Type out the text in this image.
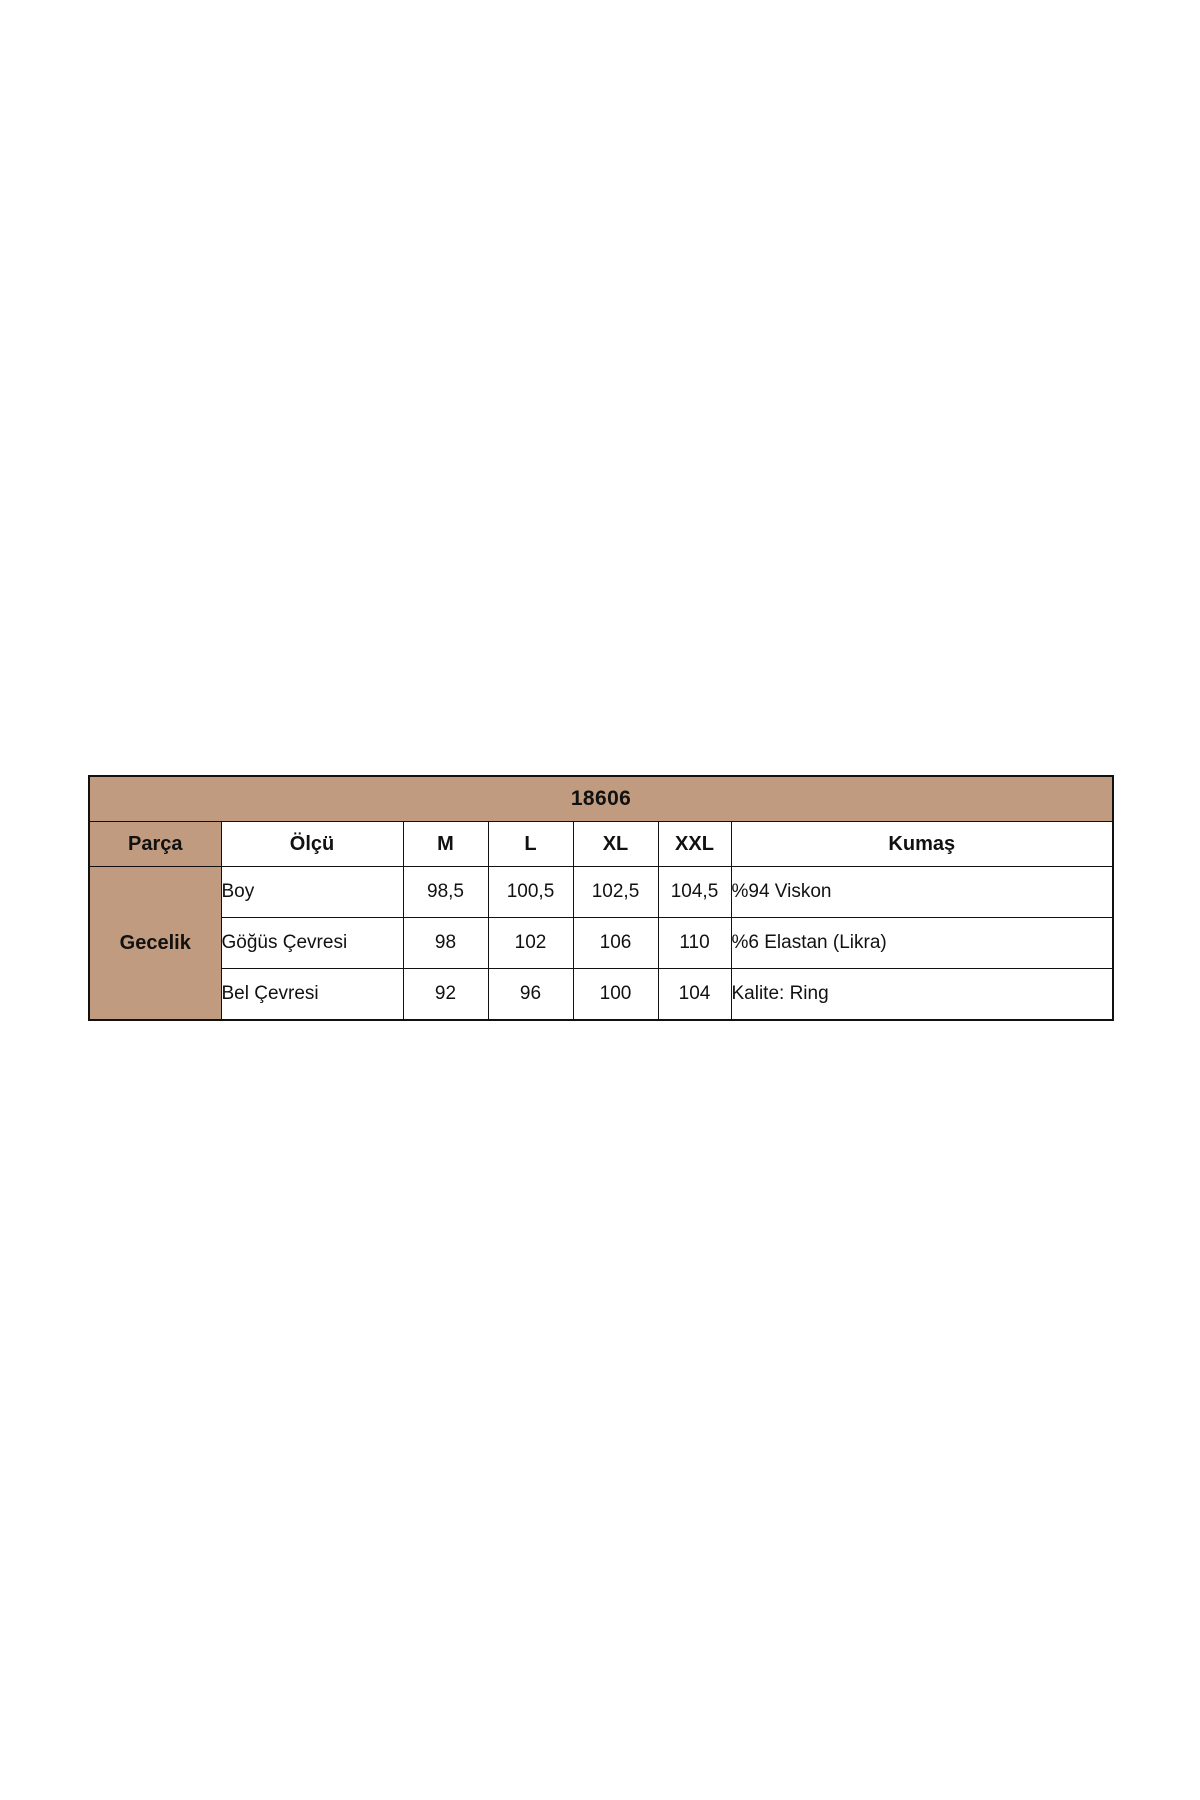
18606						
Parça	Ölçü	M	L	XL	XXL	Kumaş
Gecelik	Boy	98,5	100,5	102,5	104,5	%94 Viskon
	Göğüs Çevresi	98	102	106	110	%6 Elastan (Likra)
	Bel Çevresi	92	96	100	104	Kalite: Ring
